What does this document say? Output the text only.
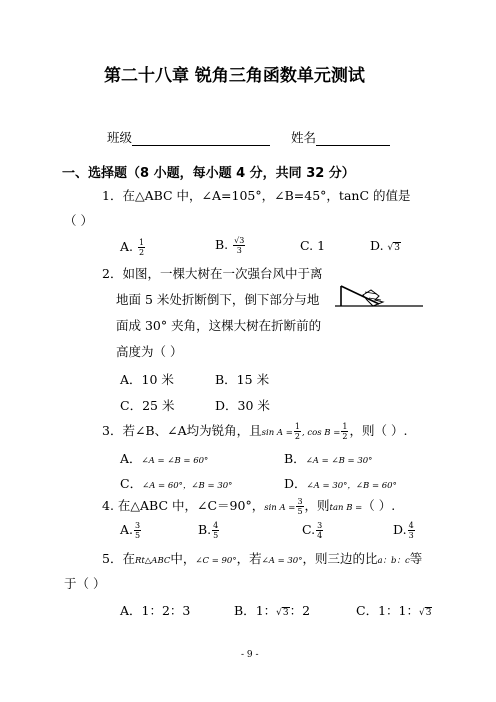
第二十八章 锐角三角函数单元测试
班级	姓名
一、选择题（8 小题，每小题 4 分，共同 32 分）
1．在△ABC 中，∠A=105°，∠B=45°，tanC 的值是
（ ）
A. $\frac{1}{2}$	B. $\frac{√3}{3}$	C. 1	D. √3
2．如图，一棵大树在一次强台风中于离
地面 5 米处折断倒下，倒下部分与地
面成 30° 夹角，这棵大树在折断前的
高度为（ ）
A．10 米	B．15 米
C．25 米	D．30 米
3．若∠B、∠A均为锐角，且$\sin A = \frac{1}{2}$ , $\cos B = \frac{1}{2}$ ，则（ ）.
A．∠A = ∠B = 60°	B．∠A = ∠B = 30°
C．∠A = 60°，∠B = 30°	D．∠A = 30°，∠B = 60°
4. 在△ABC 中，∠C＝90°，$\sin A = \frac{3}{5}$ ，则tan B =（ ）.
A. $\frac{3}{5}$	B. $\frac{4}{5}$	C. $\frac{3}{4}$	D. $\frac{4}{3}$
5．在Rt△ABC中，∠C = 90°，若∠A = 30°，则三边的比a：b：c等
于（ ）
A．1：2：3	B．1：√3：2	C．1：1：√3
- 9 -
